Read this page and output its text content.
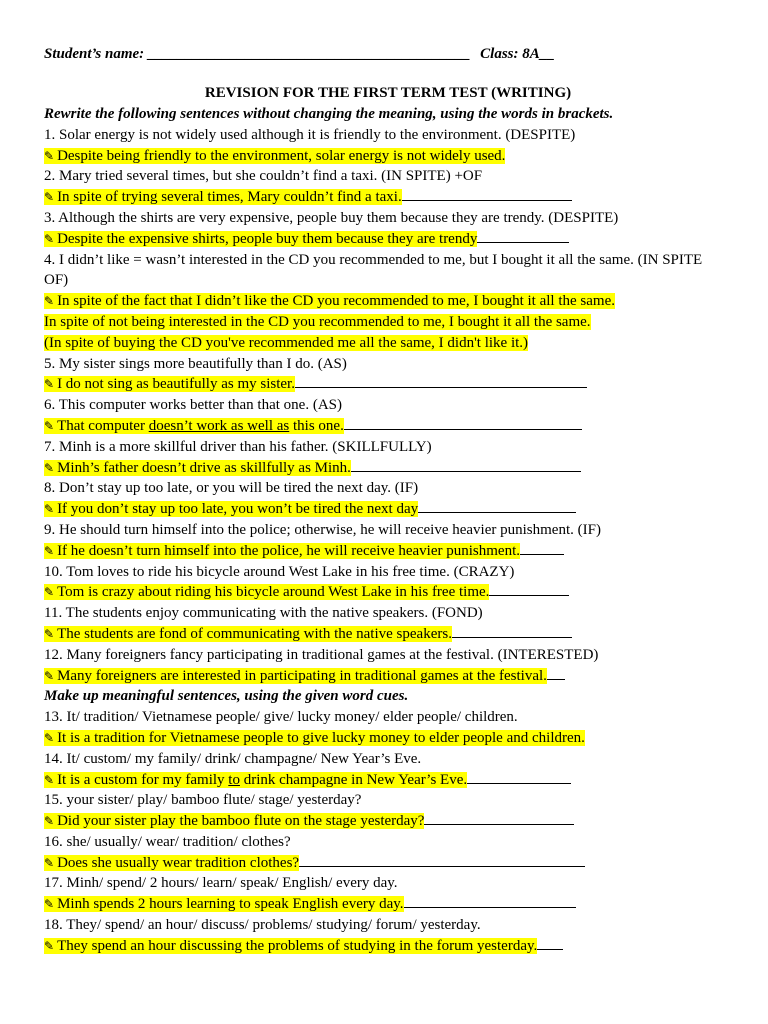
Student’s name: ___________________________________________ Class: 8A__
REVISION FOR THE FIRST TERM TEST (WRITING)
Rewrite the following sentences without changing the meaning, using the words in brackets.
1. Solar energy is not widely used although it is friendly to the environment. (DESPITE)
✎ Despite being friendly to the environment, solar energy is not widely used.
2. Mary tried several times, but she couldn’t find a taxi. (IN SPITE) +OF
✎ In spite of trying several times, Mary couldn’t find a taxi.
3. Although the shirts are very expensive, people buy them because they are trendy. (DESPITE)
✎ Despite the expensive shirts, people buy them because they are trendy
4. I didn’t like = wasn’t interested in the CD you recommended to me, but I bought it all the same. (IN SPITE OF)
✎ In spite of the fact that I didn’t like the CD you recommended to me, I bought it all the same.
In spite of not being interested in the CD you recommended to me, I bought it all the same.
(In spite of buying the CD you've recommended me all the same, I didn't like it.)
5. My sister sings more beautifully than I do. (AS)
✎ I do not sing as beautifully as my sister.
6. This computer works better than that one. (AS)
✎ That computer doesn’t work as well as this one.
7. Minh is a more skillful driver than his father. (SKILLFULLY)
✎ Minh’s father doesn’t drive as skillfully as Minh.
8. Don’t stay up too late, or you will be tired the next day. (IF)
✎ If you don’t stay up too late, you won’t be tired the next day
9. He should turn himself into the police; otherwise, he will receive heavier punishment. (IF)
✎ If he doesn’t turn himself into the police, he will receive heavier punishment.
10. Tom loves to ride his bicycle around West Lake in his free time. (CRAZY)
✎ Tom is crazy about riding his bicycle around West Lake in his free time.
11. The students enjoy communicating with the native speakers. (FOND)
✎ The students are fond of communicating with the native speakers.
12. Many foreigners fancy participating in traditional games at the festival. (INTERESTED)
✎ Many foreigners are interested in participating in traditional games at the festival.
Make up meaningful sentences, using the given word cues.
13. It/ tradition/ Vietnamese people/ give/ lucky money/ elder people/ children.
✎ It is a tradition for Vietnamese people to give lucky money to elder people and children.
14. It/ custom/ my family/ drink/ champagne/ New Year’s Eve.
✎ It is a custom for my family to drink champagne in New Year’s Eve.
15. your sister/ play/ bamboo flute/ stage/ yesterday?
✎ Did your sister play the bamboo flute on the stage yesterday?
16. she/ usually/ wear/ tradition/ clothes?
✎ Does she usually wear tradition clothes?
17. Minh/ spend/ 2 hours/ learn/ speak/ English/ every day.
✎ Minh spends 2 hours learning to speak English every day.
18. They/ spend/ an hour/ discuss/ problems/ studying/ forum/ yesterday.
✎ They spend an hour discussing the problems of studying in the forum yesterday.
